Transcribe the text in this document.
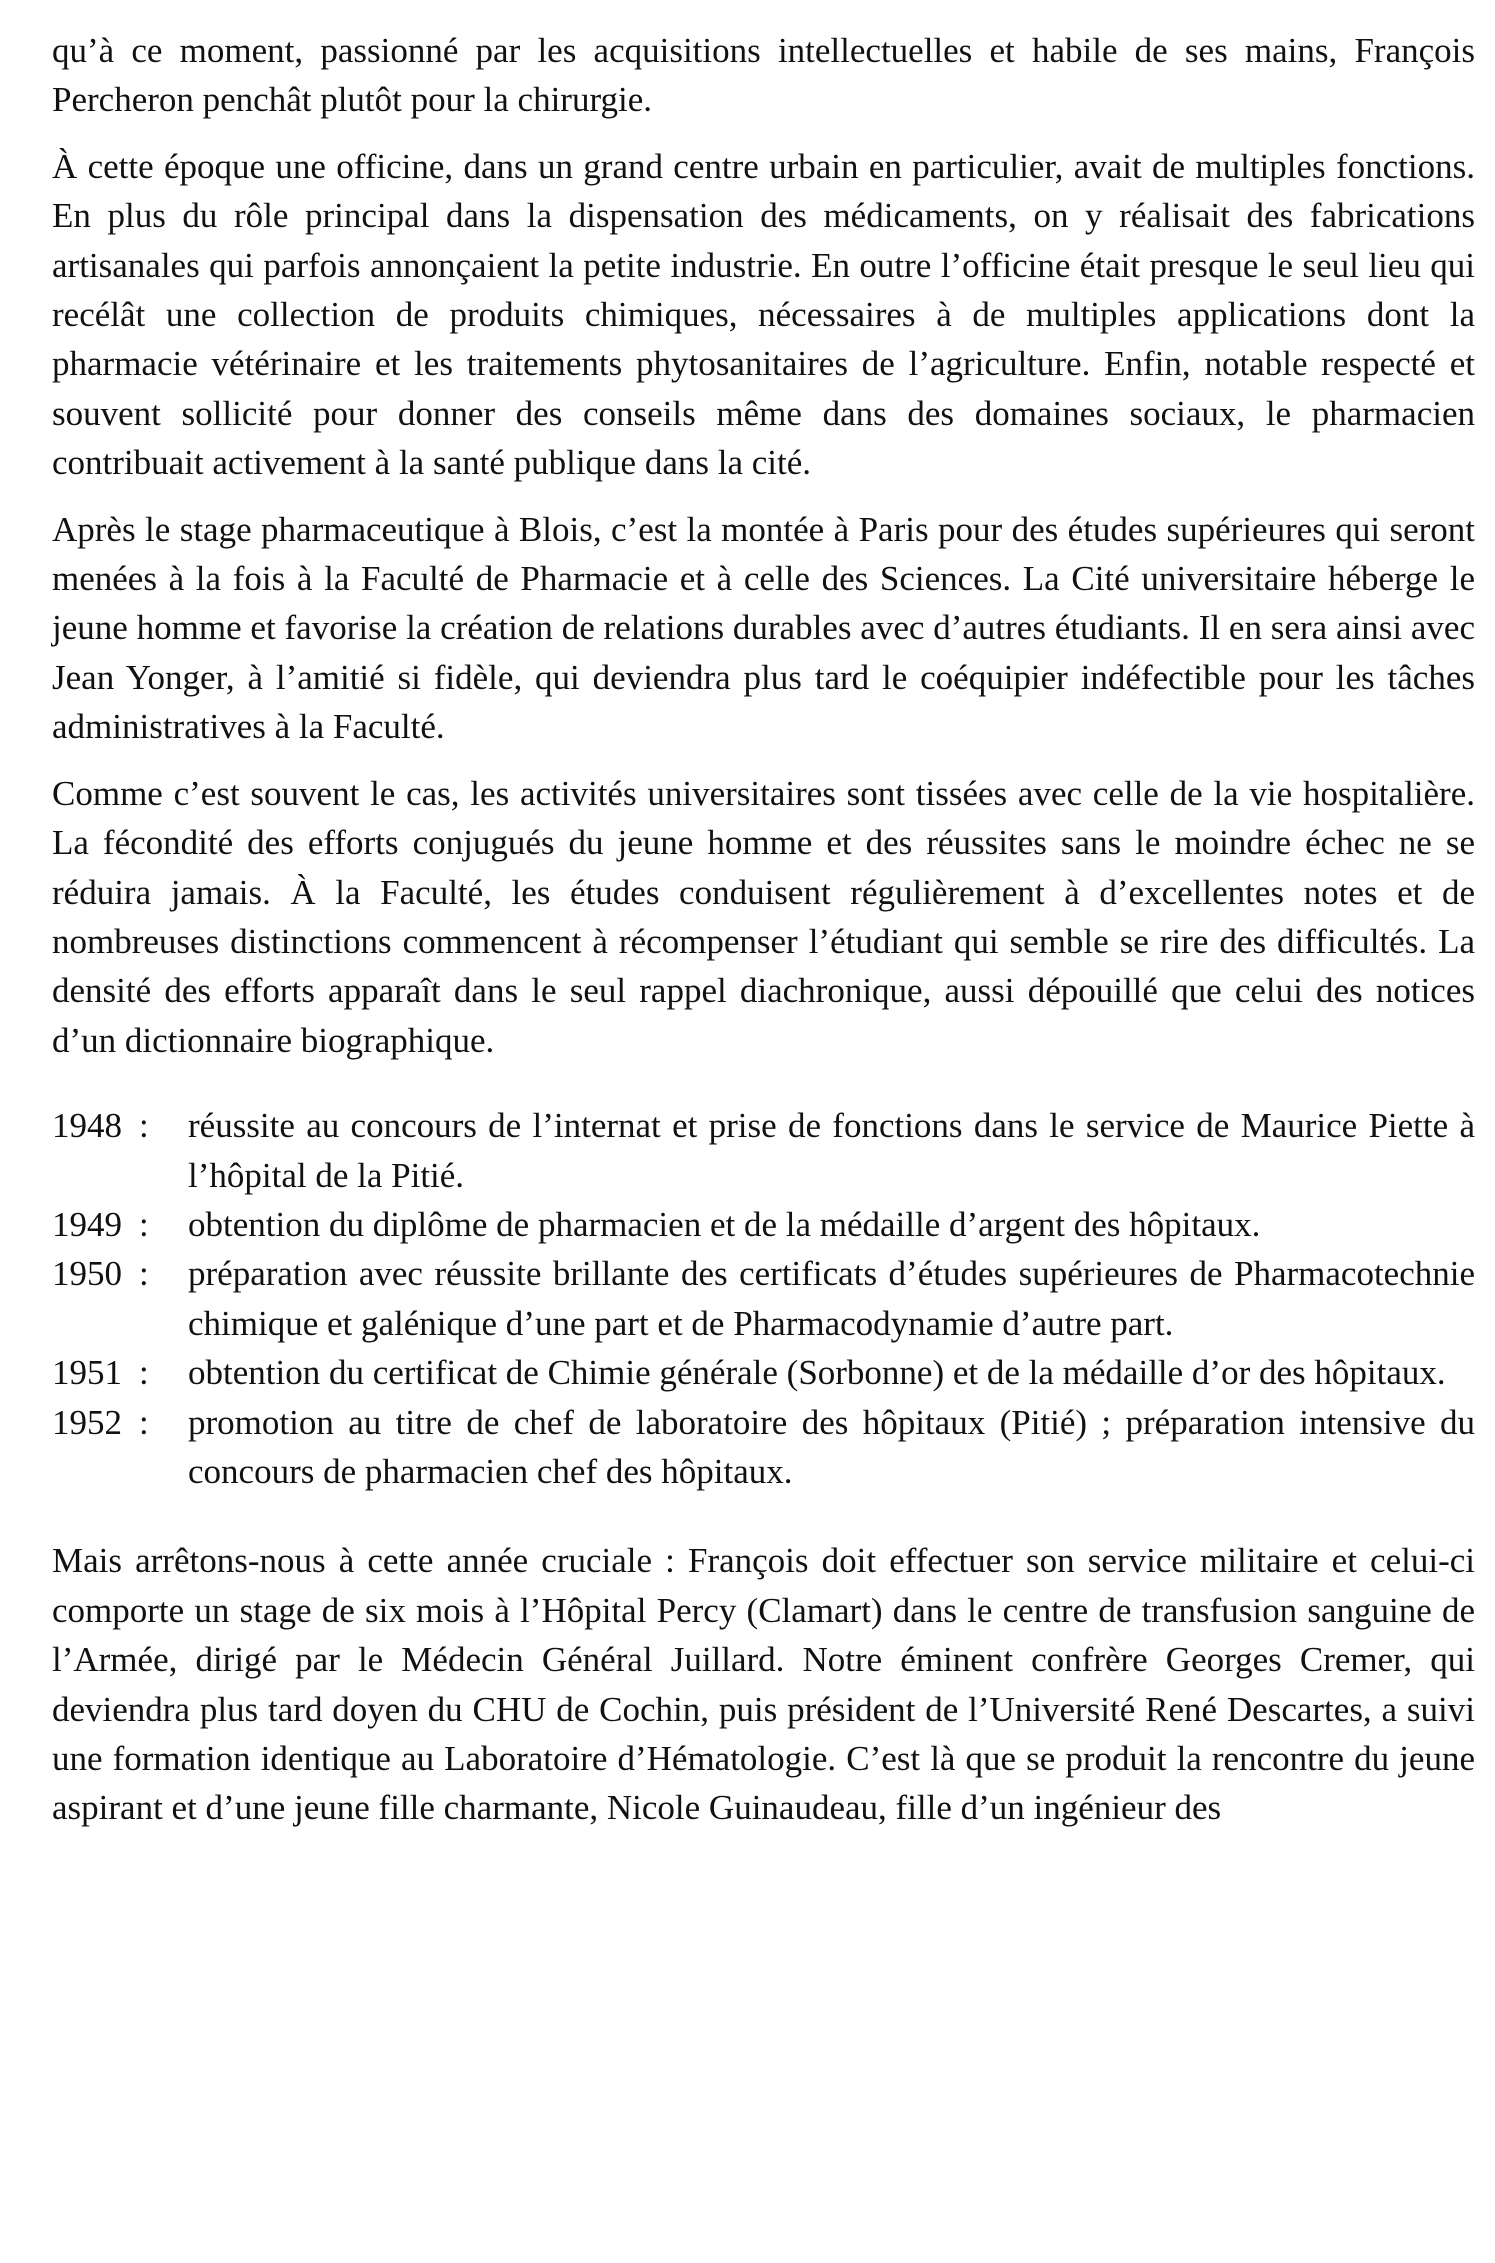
qu’à ce moment, passionné par les acquisitions intellectuelles et habile de ses mains, François Percheron penchât plutôt pour la chirurgie.

À cette époque une officine, dans un grand centre urbain en particulier, avait de multiples fonctions. En plus du rôle principal dans la dispensation des médicaments, on y réalisait des fabrications artisanales qui parfois annonçaient la petite industrie. En outre l’officine était presque le seul lieu qui recélât une collection de produits chimiques, nécessaires à de multiples applications dont la pharmacie vétérinaire et les traitements phytosanitaires de l’agriculture. Enfin, notable respecté et souvent sollicité pour donner des conseils même dans des domaines sociaux, le pharmacien contribuait activement à la santé publique dans la cité.

Après le stage pharmaceutique à Blois, c’est la montée à Paris pour des études supérieures qui seront menées à la fois à la Faculté de Pharmacie et à celle des Sciences. La Cité universitaire héberge le jeune homme et favorise la création de relations durables avec d’autres étudiants. Il en sera ainsi avec Jean Yonger, à l’amitié si fidèle, qui deviendra plus tard le coéquipier indéfectible pour les tâches administratives à la Faculté.

Comme c’est souvent le cas, les activités universitaires sont tissées avec celle de la vie hospitalière. La fécondité des efforts conjugués du jeune homme et des réussites sans le moindre échec ne se réduira jamais. À la Faculté, les études conduisent régulièrement à d’excellentes notes et de nombreuses distinctions commencent à récompenser l’étudiant qui semble se rire des difficultés. La densité des efforts apparaît dans le seul rappel diachronique, aussi dépouillé que celui des notices d’un dictionnaire biographique.

1948 :	réussite au concours de l’internat et prise de fonctions dans le service de Maurice Piette à l’hôpital de la Pitié.
1949 :	obtention du diplôme de pharmacien et de la médaille d’argent des hôpitaux.
1950 :	préparation avec réussite brillante des certificats d’études supérieures de Pharmacotechnie chimique et galénique d’une part et de Pharmacodynamie d’autre part.
1951 :	obtention du certificat de Chimie générale (Sorbonne) et de la médaille d’or des hôpitaux.
1952 :	promotion au titre de chef de laboratoire des hôpitaux (Pitié) ; préparation intensive du concours de pharmacien chef des hôpitaux.

Mais arrêtons-nous à cette année cruciale : François doit effectuer son service militaire et celui-ci comporte un stage de six mois à l’Hôpital Percy (Clamart) dans le centre de transfusion sanguine de l’Armée, dirigé par le Médecin Général Juillard. Notre éminent confrère Georges Cremer, qui deviendra plus tard doyen du CHU de Cochin, puis président de l’Université René Descartes, a suivi une formation identique au Laboratoire d’Hématologie. C’est là que se produit la rencontre du jeune aspirant et d’une jeune fille charmante, Nicole Guinaudeau, fille d’un ingénieur des
